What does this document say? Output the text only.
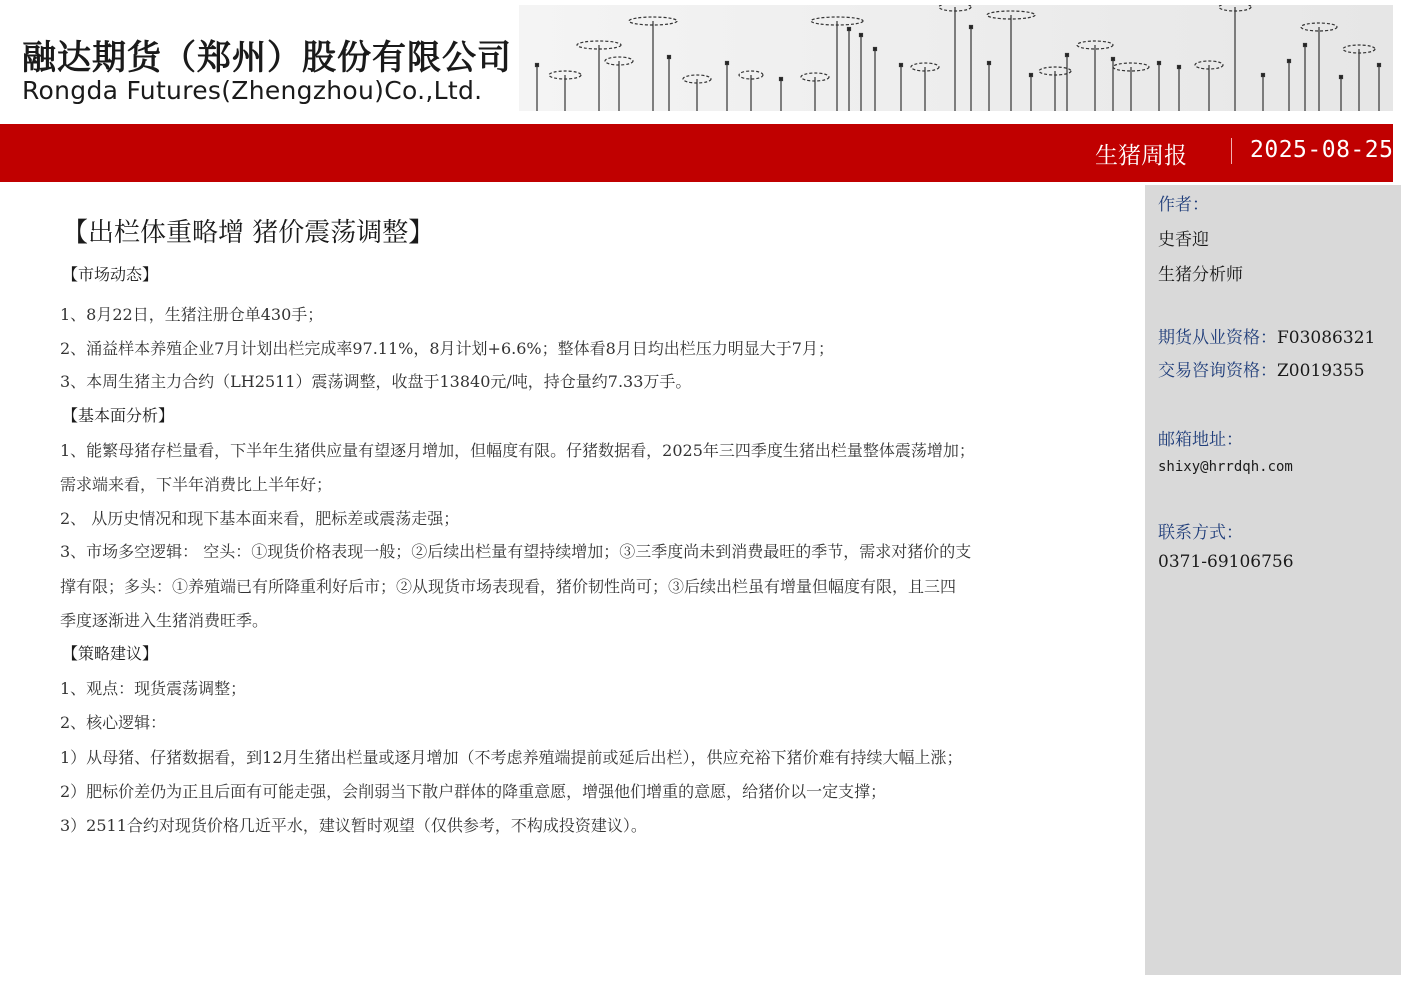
融达期货（郑州）股份有限公司
Rongda Futures(Zhengzhou)Co.,Ltd.
生猪周报	2025-08-25
【出栏体重略增 猪价震荡调整】
【市场动态】
1、8月22日，生猪注册仓单430手；
2、涌益样本养殖企业7月计划出栏完成率97.11%，8月计划+6.6%；整体看8月日均出栏压力明显大于7月；
3、本周生猪主力合约（LH2511）震荡调整，收盘于13840元/吨，持仓量约7.33万手。
【基本面分析】
1、能繁母猪存栏量看，下半年生猪供应量有望逐月增加，但幅度有限。仔猪数据看，2025年三四季度生猪出栏量整体震荡增加；
需求端来看，下半年消费比上半年好；
2、 从历史情况和现下基本面来看，肥标差或震荡走强；
3、市场多空逻辑： 空头：①现货价格表现一般；②后续出栏量有望持续增加；③三季度尚未到消费最旺的季节，需求对猪价的支
撑有限；多头：①养殖端已有所降重利好后市；②从现货市场表现看，猪价韧性尚可；③后续出栏虽有增量但幅度有限，且三四
季度逐渐进入生猪消费旺季。
【策略建议】
1、观点：现货震荡调整；
2、核心逻辑：
1）从母猪、仔猪数据看，到12月生猪出栏量或逐月增加（不考虑养殖端提前或延后出栏），供应充裕下猪价难有持续大幅上涨；
2）肥标价差仍为正且后面有可能走强，会削弱当下散户群体的降重意愿，增强他们增重的意愿，给猪价以一定支撑；
3）2511合约对现货价格几近平水，建议暂时观望（仅供参考，不构成投资建议）。
作者：
史香迎
生猪分析师
期货从业资格：F03086321
交易咨询资格：Z0019355
邮箱地址：
shixy@hrrdqh.com
联系方式：
0371-69106756
